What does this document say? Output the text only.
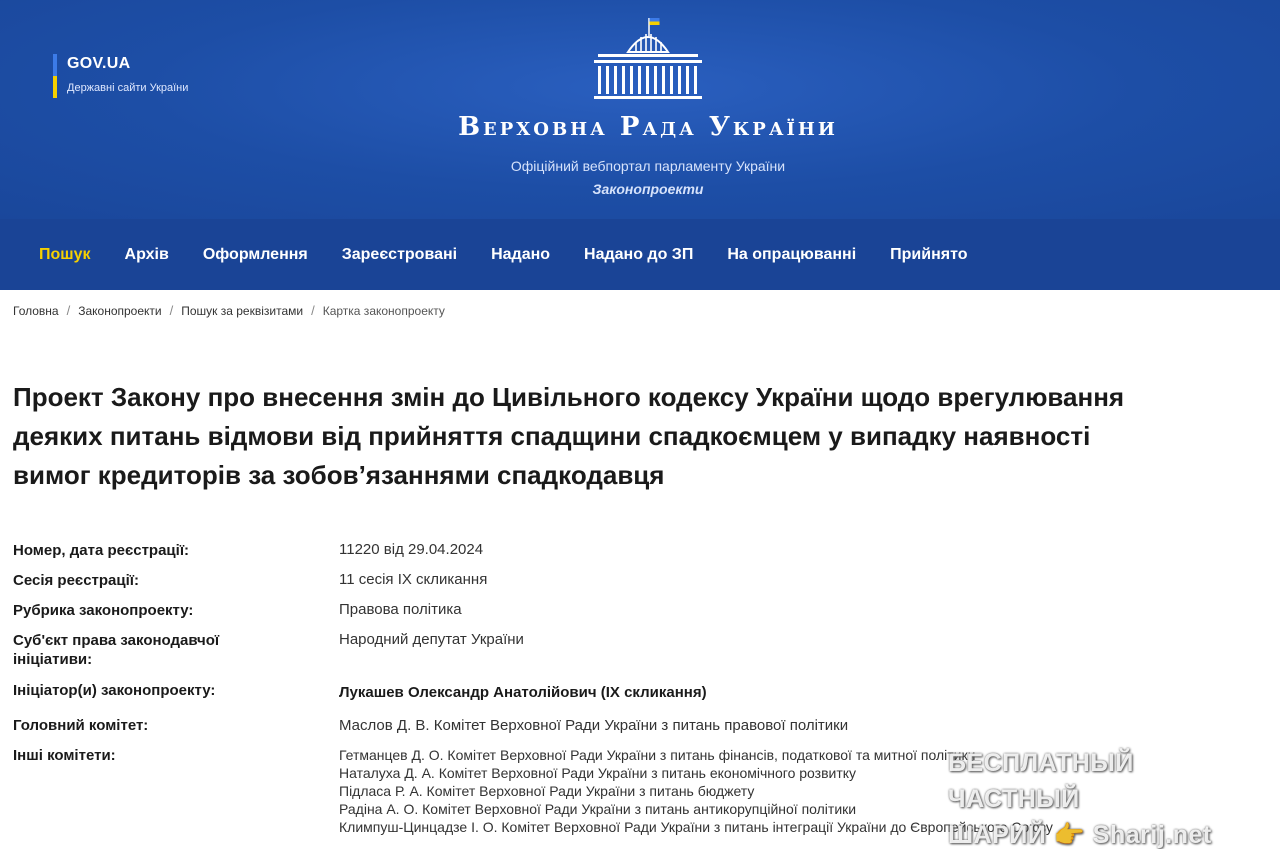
GOV.UA
Державні сайти України
Верховна Рада України
Офіційний вебпортал парламенту України
Законопроекти
Пошук	Архів	Оформлення	Зареєстровані	Надано	Надано до ЗП	На опрацюванні	Прийнято
Головна / Законопроекти / Пошук за реквізитами / Картка законопроекту
Проект Закону про внесення змін до Цивільного кодексу України щодо врегулювання деяких питань відмови від прийняття спадщини спадкоємцем у випадку наявності вимог кредиторів за зобов’язаннями спадкодавця
Номер, дата реєстрації:	11220 від 29.04.2024
Сесія реєстрації:	11 сесія IX скликання
Рубрика законопроекту:	Правова політика
Суб'єкт права законодавчої
ініціативи:
Народний депутат України
Ініціатор(и) законопроекту:	Лукашев Олександр Анатолійович (IX скликання)
Головний комітет:	Маслов Д. В. Комітет Верховної Ради України з питань правової політики
Інші комітети:	Гетманцев Д. О. Комітет Верховної Ради України з питань фінансів, податкової та митної політики
Наталуха Д. А. Комітет Верховної Ради України з питань економічного розвитку
Підласа Р. А. Комітет Верховної Ради України з питань бюджету
Радіна А. О. Комітет Верховної Ради України з питань антикорупційної політики
Климпуш-Цинцадзе І. О. Комітет Верховної Ради України з питань інтеграції України до Європейського Союзу
БЕСПЛАТНЫЙ ЧАСТНЫЙ
ШАРИЙ 👉 Sharij.net
